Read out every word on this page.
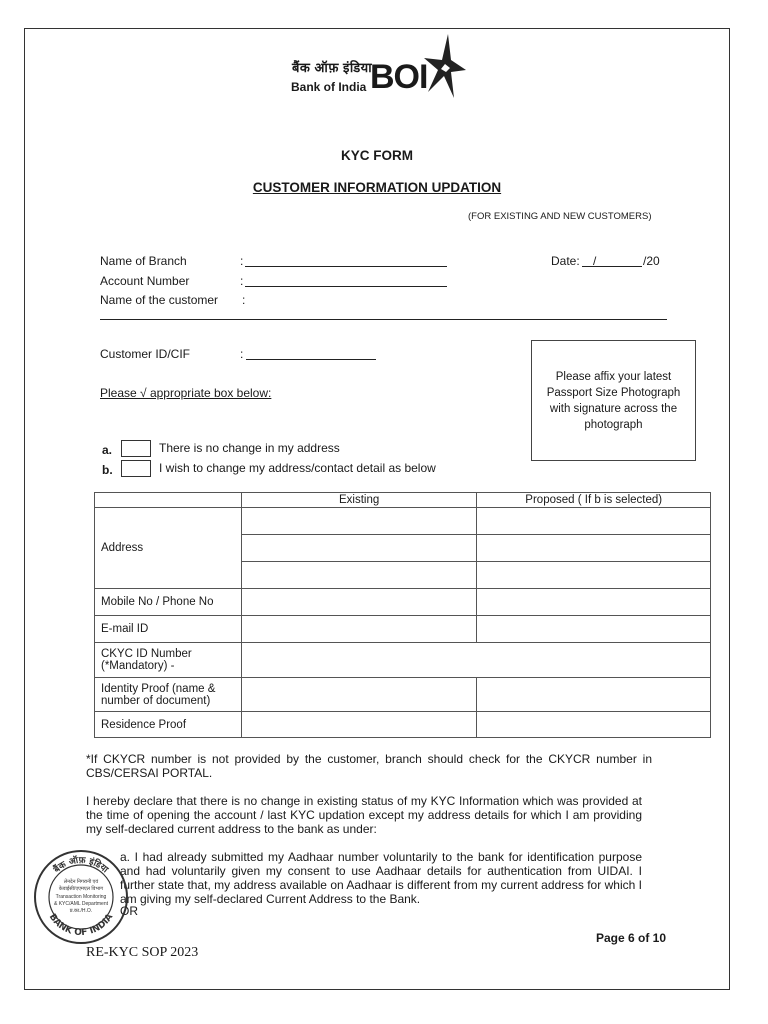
बैंक ऑफ़ इंडिया
Bank of India BOI
KYC FORM
CUSTOMER INFORMATION UPDATION
(FOR EXISTING AND NEW CUSTOMERS)
Name of Branch	:
Account Number	:
Name of the customer :
Date: /	/20
Customer ID/CIF	:
Please affix your latest Passport Size Photograph with signature across the photograph
Please √ appropriate box below:
a.	There is no change in my address
b.	I wish to change my address/contact detail as below
	Existing	Proposed ( If b is selected)
Address		

Mobile No / Phone No		
E-mail ID		
CKYC ID Number (*Mandatory) -		
Identity Proof (name & number of document)		
Residence Proof		
*If CKYCR number is not provided by the customer, branch should check for the CKYCR number in CBS/CERSAI PORTAL.
I hereby declare that there is no change in existing status of my KYC Information which was provided at the time of opening the account / last KYC updation except my address details for which I am providing my self-declared current address to the bank as under:
a. I had already submitted my Aadhaar number voluntarily to the bank for identification purpose and had voluntarily given my consent to use Aadhaar details for authentication from UIDAI. I further state that, my address available on Aadhaar is different from my current address for which I am giving my self-declared Current Address to the Bank.
OR
बैंक ऑफ़ इंडिया
BANK OF INDIA
लेनदेन निगरानी एवं
केवाईसी/एएमएल विभाग
Transaction Monitoring
& KYC/AML Department
प्र.का./H.O.
Page 6 of 10
RE-KYC SOP 2023
